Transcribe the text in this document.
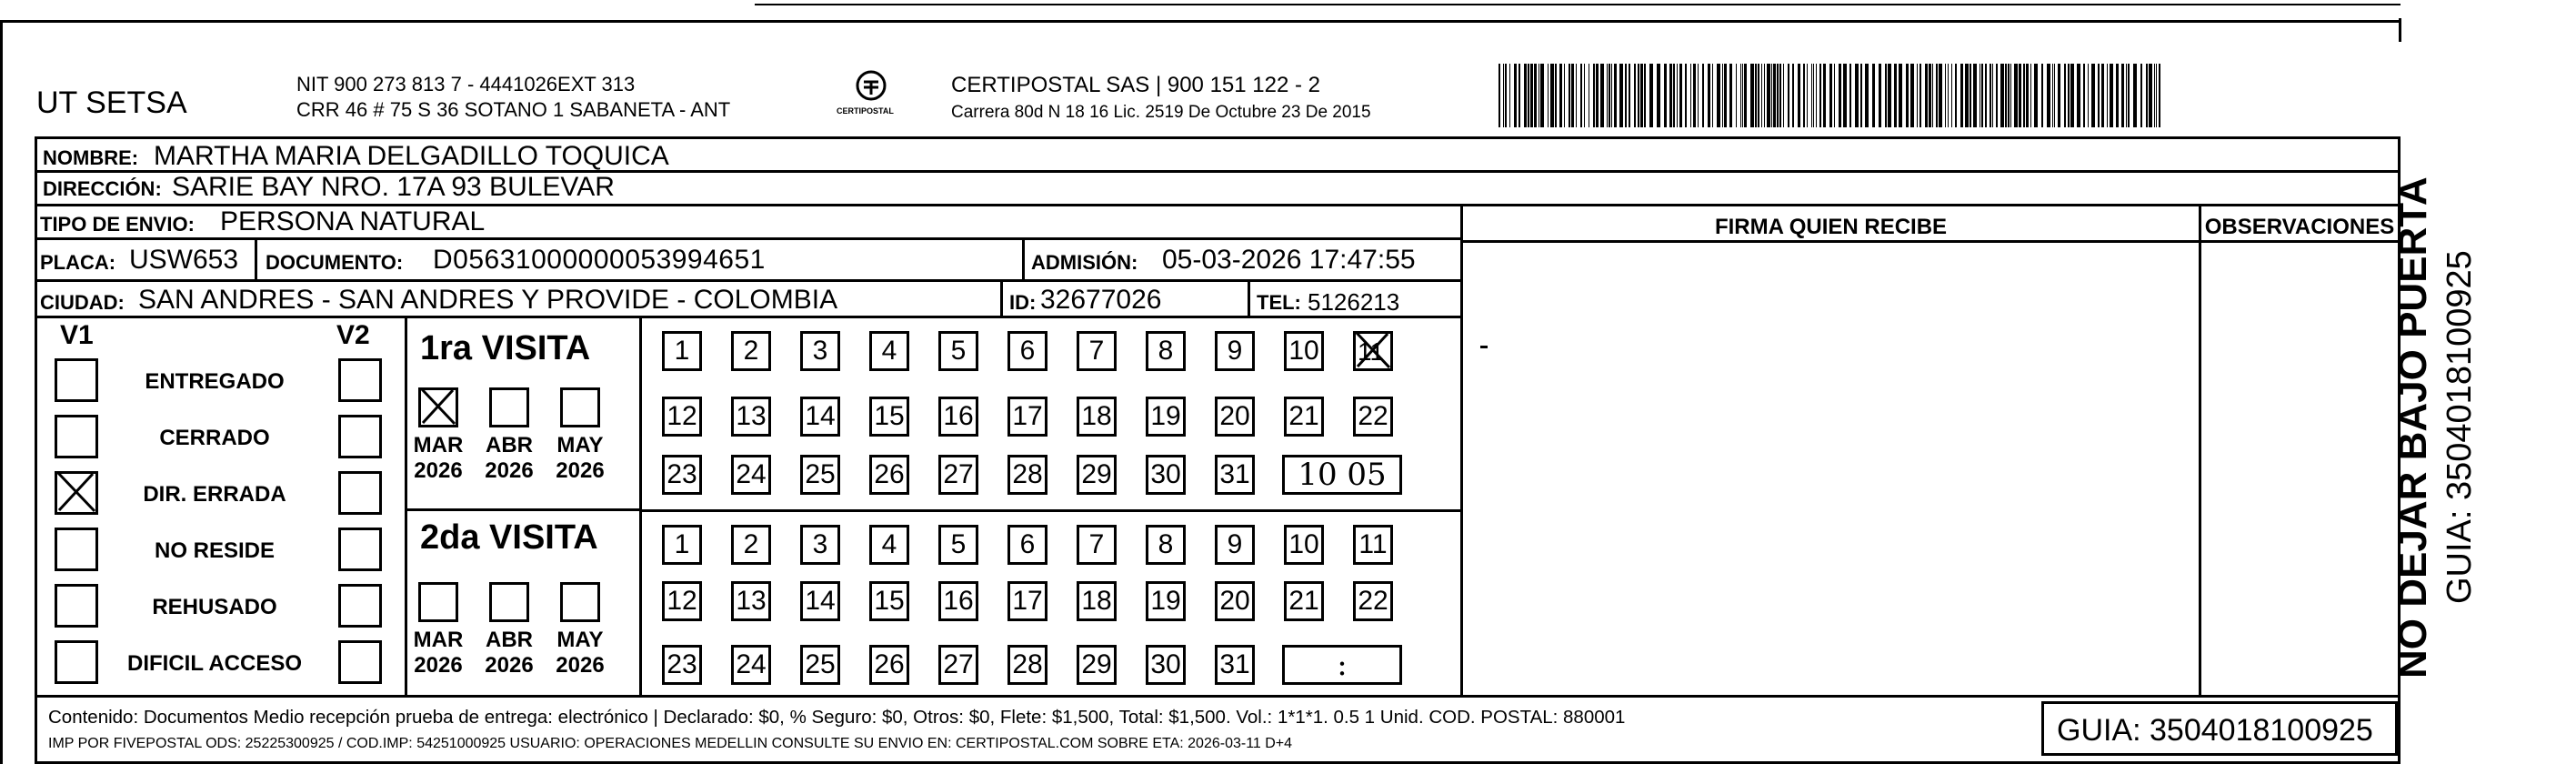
UT SETSA
NIT 900 273 813 7 - 4441026EXT 313
CRR 46 # 75 S 36 SOTANO 1 SABANETA - ANT	CERTIPOSTAL
CERTIPOSTAL SAS | 900 151 122 - 2
Carrera 80d N 18 16 Lic. 2519 De Octubre 23 De 2015
NOMBRE: MARTHA MARIA DELGADILLO TOQUICA
DIRECCIÓN: SARIE BAY NRO. 17A 93 BULEVAR
TIPO DE ENVIO: PERSONA NATURAL
PLACA: USW653 DOCUMENTO: D05631000000053994651	ADMISIÓN: 05-03-2026 17:47:55
CIUDAD: SAN ANDRES - SAN ANDRES Y PROVIDE - COLOMBIA	ID: 32677026	TEL: 5126213
FIRMA QUIEN RECIBE	OBSERVACIONES
V1	V2
ENTREGADO
CERRADO
DIR. ERRADA
NO RESIDE
REHUSADO
DIFICIL ACCESO
1ra VISITA
MAR
2026
ABR
2026
MAY
2026
2da VISITA
MAR
2026
ABR
2026
MAY
2026
1	2	3	4	5	6	7	8	9	10 11
12 13 14 15 16 17 18 19 20 21 22
23 24 25 26 27 28 29 30 31	10 05
1	2	3	4	5	6	7	8	9	10 11
12 13 14 15 16 17 18 19 20 21 22
23 24 25 26 27 28 29 30 31	:
Contenido: Documentos Medio recepción prueba de entrega: electrónico | Declarado: $0, % Seguro: $0, Otros: $0, Flete: $1,500, Total: $1,500. Vol.: 1*1*1. 0.5 1 Unid. COD. POSTAL: 880001
IMP POR FIVEPOSTAL ODS: 25225300925 / COD.IMP: 54251000925 USUARIO: OPERACIONES MEDELLIN CONSULTE SU ENVIO EN: CERTIPOSTAL.COM SOBRE ETA: 2026-03-11 D+4	GUIA: 3504018100925
NO DEJAR BAJO PUERTA GUIA: 3504018100925
